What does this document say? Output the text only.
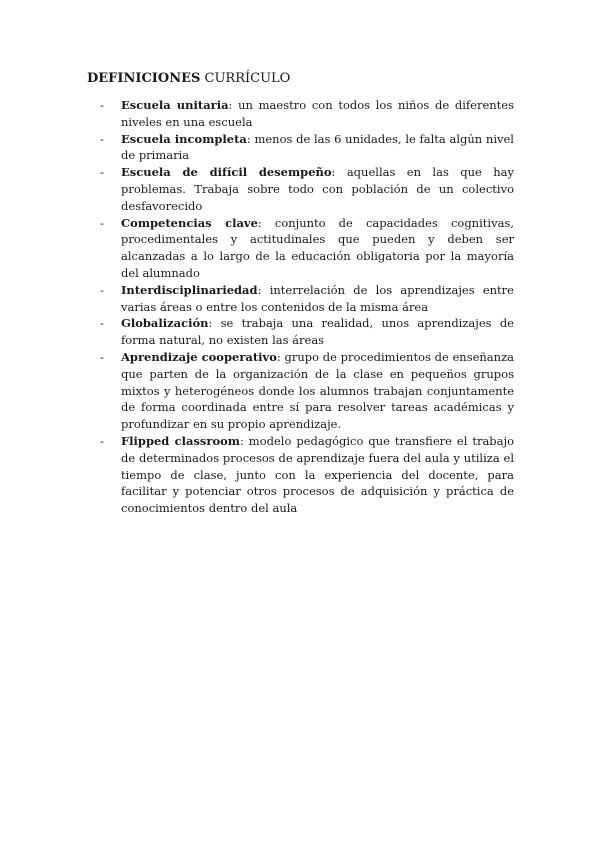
DEFINICIONES CURRÍCULO
-	Escuela unitaria: un maestro con todos los niños de diferentes niveles en una escuela
-	Escuela incompleta: menos de las 6 unidades, le falta algún nivel de primaria
-	Escuela de difícil desempeño: aquellas en las que hay problemas. Trabaja sobre todo con población de un colectivo desfavorecido
-	Competencias clave: conjunto de capacidades cognitivas, procedimentales y actitudinales que pueden y deben ser alcanzadas a lo largo de la educación obligatoria por la mayoría del alumnado
-	Interdisciplinariedad: interrelación de los aprendizajes entre varias áreas o entre los contenidos de la misma área
-	Globalización: se trabaja una realidad, unos aprendizajes de forma natural, no existen las áreas
-	Aprendizaje cooperativo: grupo de procedimientos de enseñanza que parten de la organización de la clase en pequeños grupos mixtos y heterogéneos donde los alumnos trabajan conjuntamente de forma coordinada entre sí para resolver tareas académicas y profundizar en su propio aprendizaje.
-	Flipped classroom: modelo pedagógico que transfiere el trabajo de determinados procesos de aprendizaje fuera del aula y utiliza el tiempo de clase, junto con la experiencia del docente, para facilitar y potenciar otros procesos de adquisición y práctica de conocimientos dentro del aula
